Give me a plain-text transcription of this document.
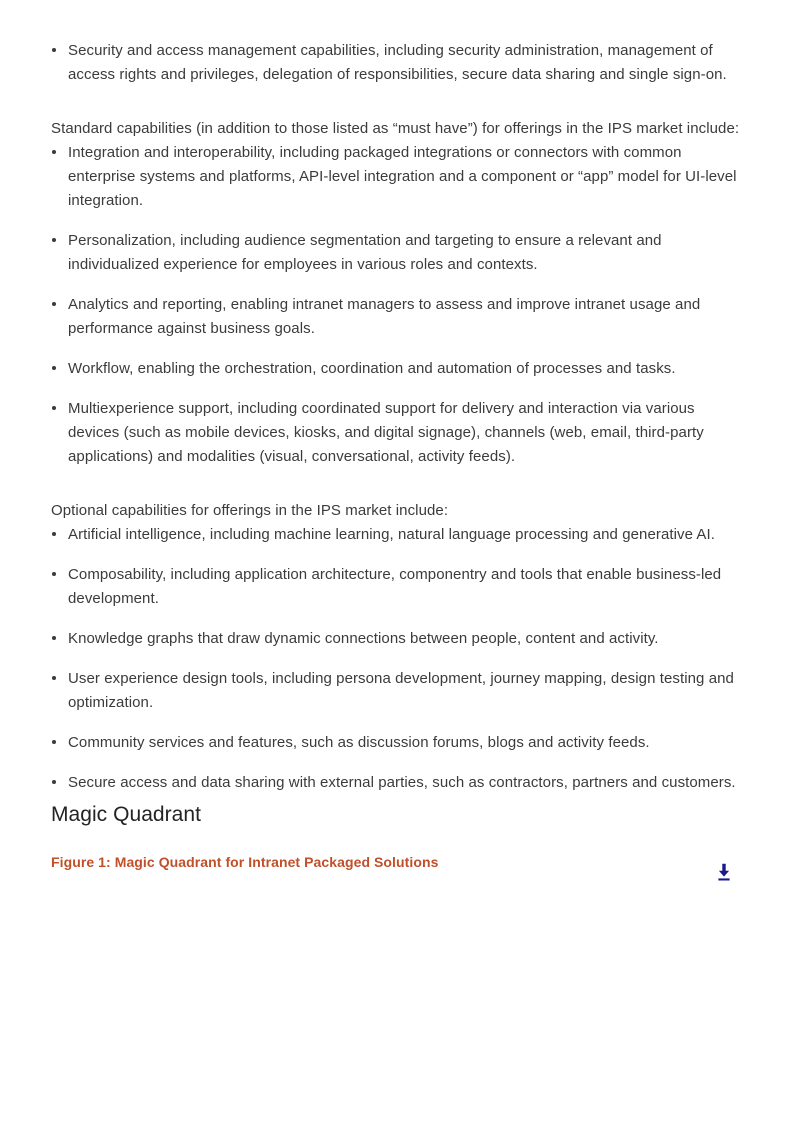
Security and access management capabilities, including security administration, management of access rights and privileges, delegation of responsibilities, secure data sharing and single sign-on.

Standard capabilities (in addition to those listed as “must have”) for offerings in the IPS market include:

Integration and interoperability, including packaged integrations or connectors with common enterprise systems and platforms, API-level integration and a component or “app” model for UI-level integration.
Personalization, including audience segmentation and targeting to ensure a relevant and individualized experience for employees in various roles and contexts.
Analytics and reporting, enabling intranet managers to assess and improve intranet usage and performance against business goals.
Workflow, enabling the orchestration, coordination and automation of processes and tasks.
Multiexperience support, including coordinated support for delivery and interaction via various devices (such as mobile devices, kiosks, and digital signage), channels (web, email, third-party applications) and modalities (visual, conversational, activity feeds).

Optional capabilities for offerings in the IPS market include:

Artificial intelligence, including machine learning, natural language processing and generative AI.
Composability, including application architecture, componentry and tools that enable business-led development.
Knowledge graphs that draw dynamic connections between people, content and activity.
User experience design tools, including persona development, journey mapping, design testing and optimization.
Community services and features, such as discussion forums, blogs and activity feeds.
Secure access and data sharing with external parties, such as contractors, partners and customers.
Magic Quadrant
Figure 1: Magic Quadrant for Intranet Packaged Solutions
